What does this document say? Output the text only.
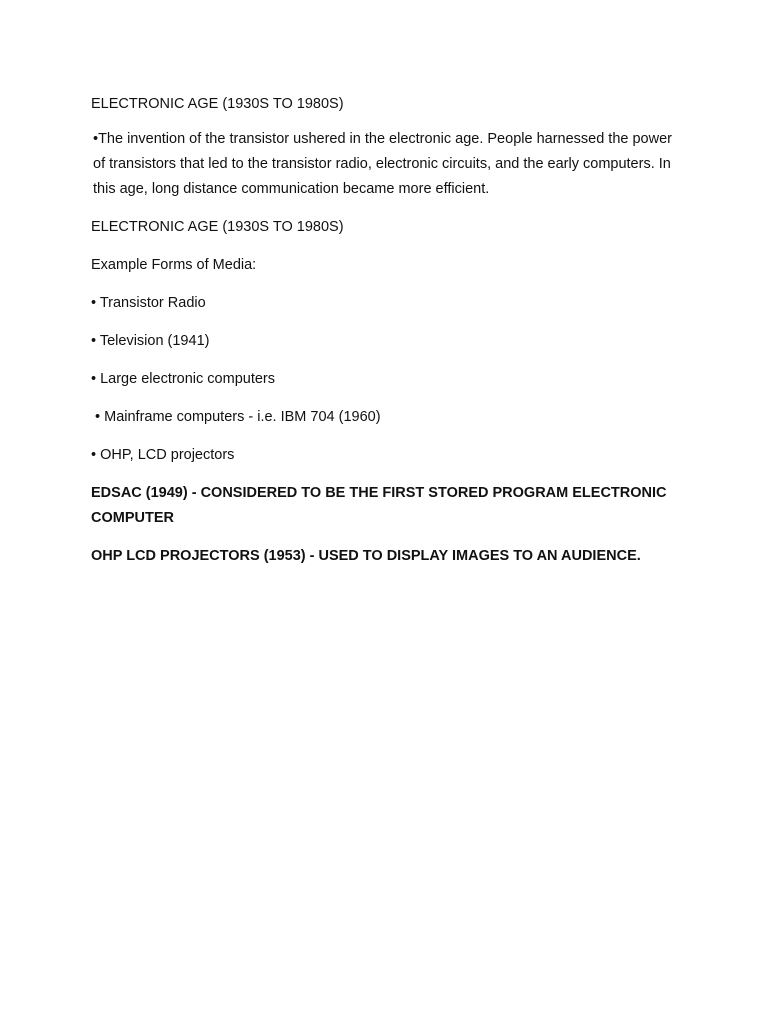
ELECTRONIC AGE (1930S TO 1980S)

•The invention of the transistor ushered in the electronic age. People harnessed the power of transistors that led to the transistor radio, electronic circuits, and the early computers. In this age, long distance communication became more efficient.

ELECTRONIC AGE (1930S TO 1980S)

Example Forms of Media:

• Transistor Radio

• Television (1941)

• Large electronic computers

• Mainframe computers - i.e. IBM 704 (1960)

• OHP, LCD projectors

EDSAC (1949) - CONSIDERED TO BE THE FIRST STORED PROGRAM ELECTRONIC COMPUTER

OHP LCD PROJECTORS (1953) - USED TO DISPLAY IMAGES TO AN AUDIENCE.
